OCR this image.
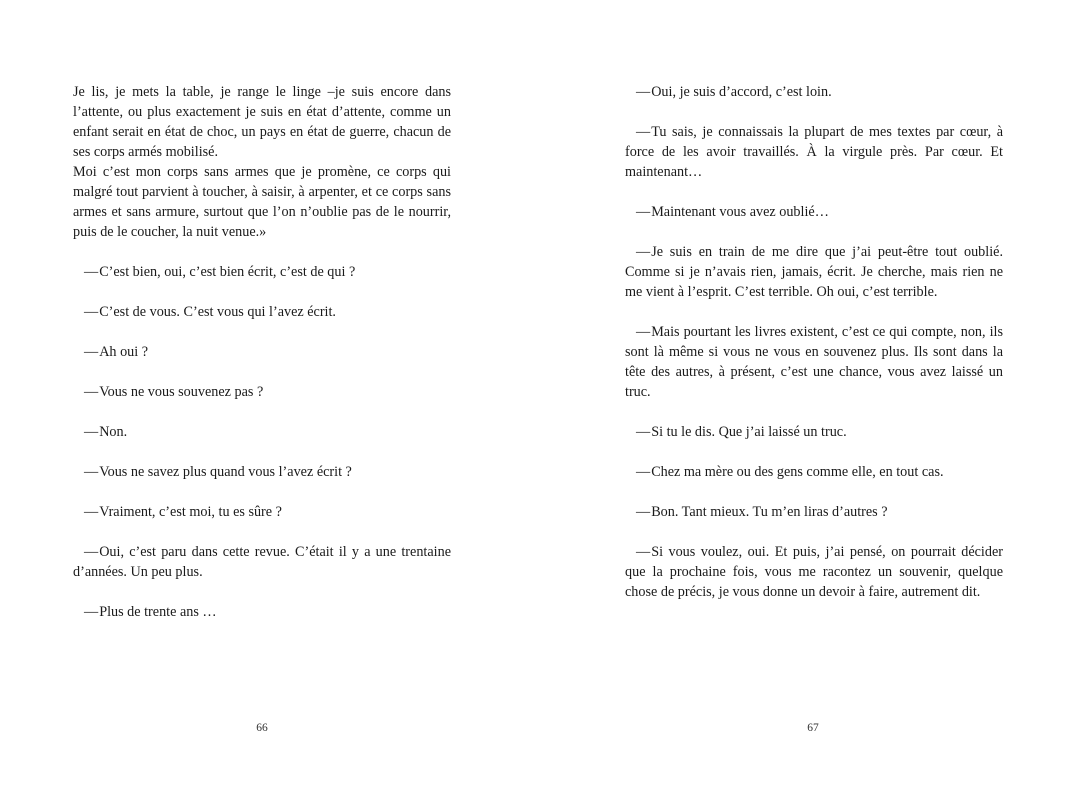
Je lis, je mets la table, je range le linge –je suis encore dans l’attente, ou plus exactement je suis en état d’attente, comme un enfant serait en état de choc, un pays en état de guerre, chacun de ses corps armés mobilisé.

Moi c’est mon corps sans armes que je promène, ce corps qui malgré tout parvient à toucher, à saisir, à arpenter, et ce corps sans armes et sans armure, surtout que l’on n’oublie pas de le nourrir, puis de le coucher, la nuit venue.»

—C’est bien, oui, c’est bien écrit, c’est de qui ?

—C’est de vous. C’est vous qui l’avez écrit.

—Ah oui ?

—Vous ne vous souvenez pas ?

—Non.

—Vous ne savez plus quand vous l’avez écrit ?

—Vraiment, c’est moi, tu es sûre ?

—Oui, c’est paru dans cette revue. C’était il y a une trentaine d’années. Un peu plus.

—Plus de trente ans …

—Oui, je suis d’accord, c’est loin.

—Tu sais, je connaissais la plupart de mes textes par cœur, à force de les avoir travaillés. À la virgule près. Par cœur. Et maintenant…

—Maintenant vous avez oublié…

—Je suis en train de me dire que j’ai peut-être tout oublié. Comme si je n’avais rien, jamais, écrit. Je cherche, mais rien ne me vient à l’esprit. C’est terrible. Oh oui, c’est terrible.

—Mais pourtant les livres existent, c’est ce qui compte, non, ils sont là même si vous ne vous en souvenez plus. Ils sont dans la tête des autres, à présent, c’est une chance, vous avez laissé un truc.

—Si tu le dis. Que j’ai laissé un truc.

—Chez ma mère ou des gens comme elle, en tout cas.

—Bon. Tant mieux. Tu m’en liras d’autres ?

—Si vous voulez, oui. Et puis, j’ai pensé, on pourrait décider que la prochaine fois, vous me racontez un souvenir, quelque chose de précis, je vous donne un devoir à faire, autrement dit.

66	67
